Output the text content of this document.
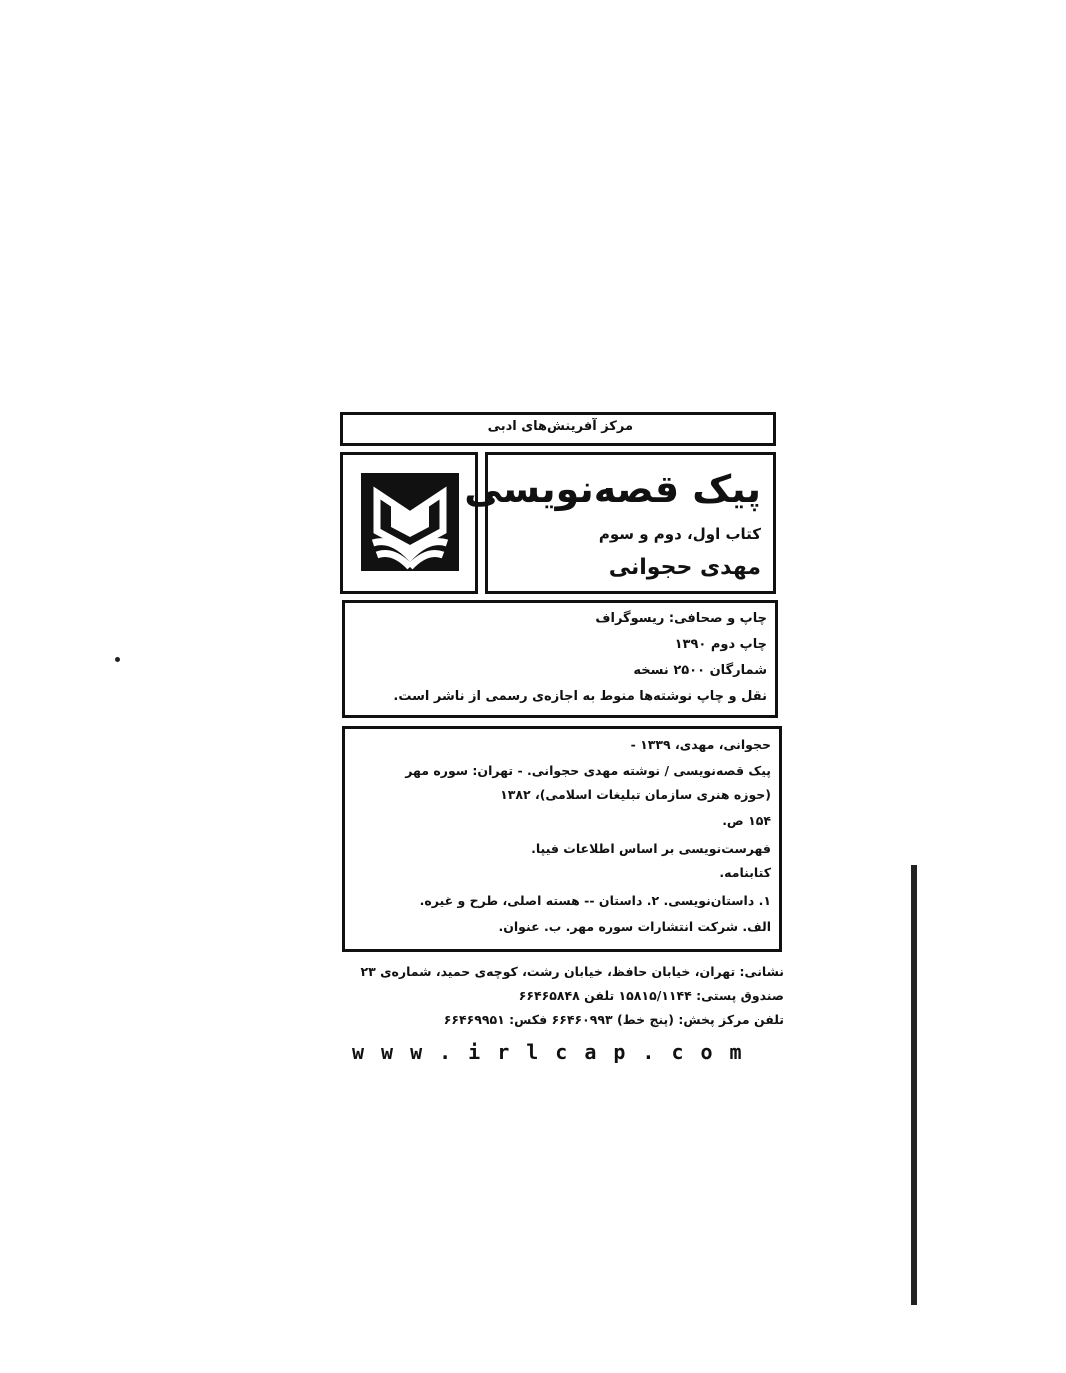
مرکز آفرینش‌های ادبی
پیک قصه‌نویسی
کتاب اول، دوم و سوم
مهدی حجوانی
چاپ و صحافی: ریسوگراف
چاپ دوم ۱۳۹۰
شمارگان ۲۵۰۰ نسخه
نقل و چاپ نوشته‌ها منوط به اجازه‌ی رسمی از ناشر است.
حجوانی، مهدی، ۱۳۳۹ -
پیک قصه‌نویسی / نوشته مهدی حجوانی. - تهران: سوره مهر
(حوزه هنری سازمان تبلیغات اسلامی)، ۱۳۸۲
۱۵۴ ص.
فهرست‌نویسی بر اساس اطلاعات فیپا.
کتابنامه.
۱. داستان‌نویسی. ۲. داستان -- هسته اصلی، طرح و غیره.
الف. شرکت انتشارات سوره مهر. ب. عنوان.
نشانی: تهران، خیابان حافظ، خیابان رشت، کوچه‌ی حمید، شماره‌ی ۲۳
صندوق پستی: ۱۵۸۱۵/۱۱۴۴ تلفن ۶۶۴۶۵۸۴۸
تلفن مرکز پخش: (پنج خط) ۶۶۴۶۰۹۹۳ فکس: ۶۶۴۶۹۹۵۱
www.irlcap.com
